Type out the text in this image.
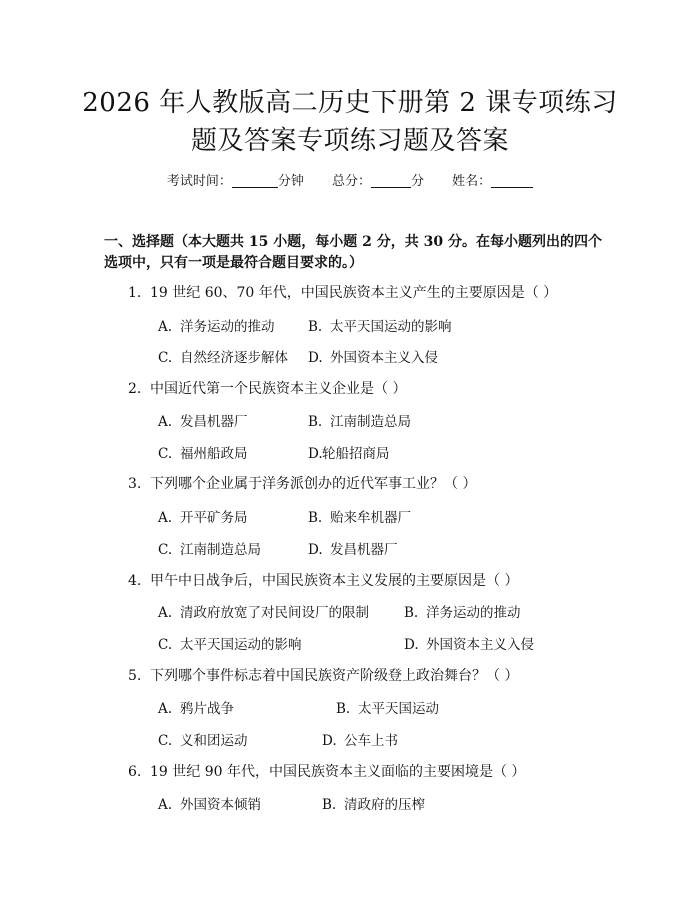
2026 年人教版高二历史下册第 2 课专项练习
题及答案专项练习题及答案
考试时间：	分钟 总分：	分 姓名：
一、选择题（本大题共 15 小题，每小题 2 分，共 30 分。在每小题列出的四个选项中，只有一项是最符合题目要求的。）
1. 19 世纪 60、70 年代，中国民族资本主义产生的主要原因是（ ）
A. 洋务运动的推动 B. 太平天国运动的影响
C. 自然经济逐步解体 D. 外国资本主义入侵
2. 中国近代第一个民族资本主义企业是（ ）
A. 发昌机器厂	B. 江南制造总局
C. 福州船政局	D.轮船招商局
3. 下列哪个企业属于洋务派创办的近代军事工业？（ ）
A. 开平矿务局	B. 贻来牟机器厂
C. 江南制造总局	D. 发昌机器厂
4. 甲午中日战争后，中国民族资本主义发展的主要原因是（ ）
A. 清政府放宽了对民间设厂的限制	B. 洋务运动的推动
C. 太平天国运动的影响	D. 外国资本主义入侵
5. 下列哪个事件标志着中国民族资产阶级登上政治舞台？（ ）
A. 鸦片战争	B. 太平天国运动
C. 义和团运动	D. 公车上书
6. 19 世纪 90 年代，中国民族资本主义面临的主要困境是（ ）
A. 外国资本倾销	B. 清政府的压榨
